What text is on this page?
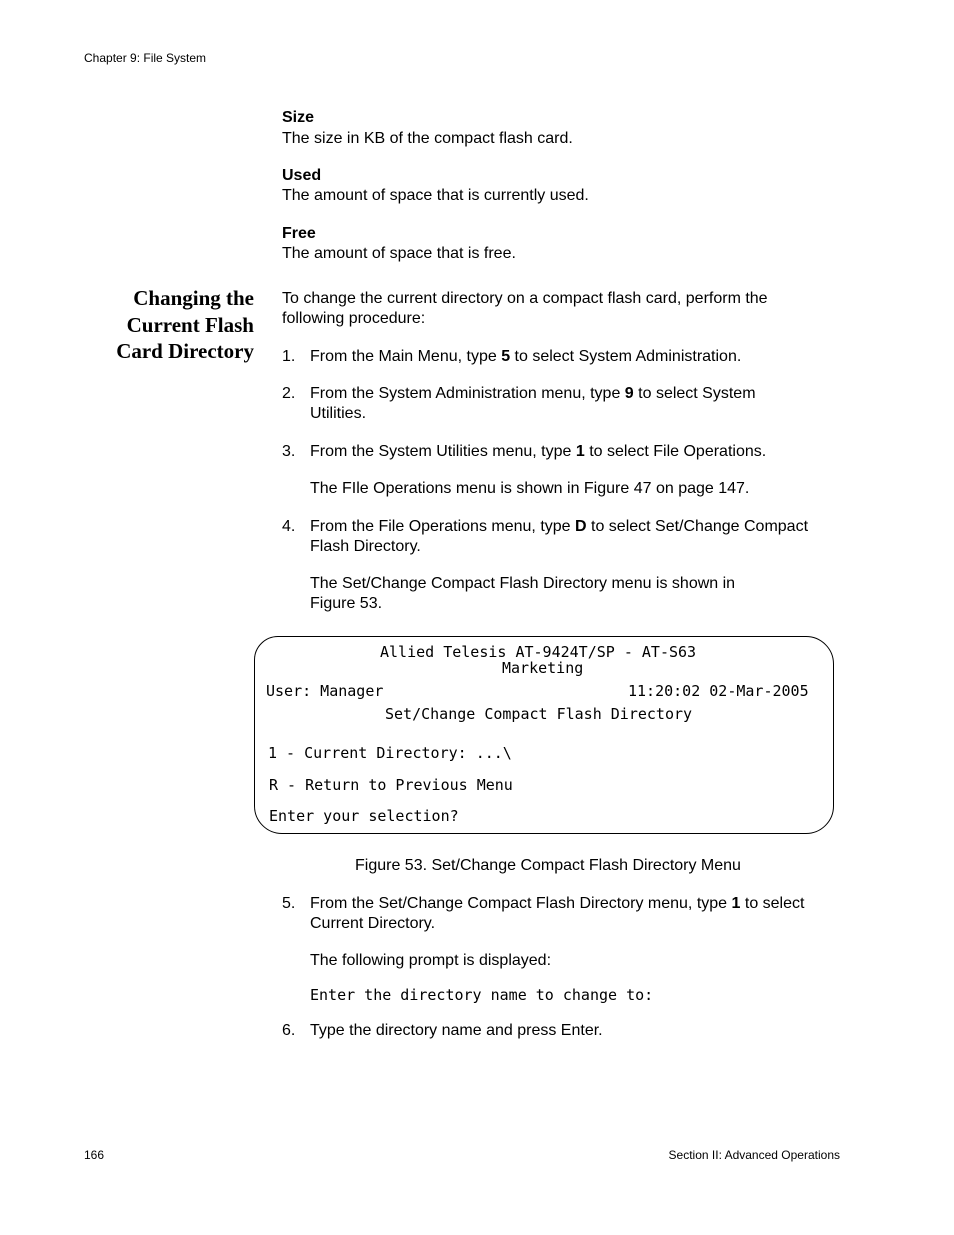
Chapter 9: File System
Size
The size in KB of the compact flash card.
Used
The amount of space that is currently used.
Free
The amount of space that is free.
Changing the
Current Flash
Card Directory
To change the current directory on a compact flash card, perform the
following procedure:
1. From the Main Menu, type 5 to select System Administration.
2. From the System Administration menu, type 9 to select System
Utilities.
3. From the System Utilities menu, type 1 to select File Operations.
The FIle Operations menu is shown in Figure 47 on page 147.
4. From the File Operations menu, type D to select Set/Change Compact
Flash Directory.
The Set/Change Compact Flash Directory menu is shown in
Figure 53.
Allied Telesis AT-9424T/SP - AT-S63
Marketing
User: Manager	11:20:02 02-Mar-2005
Set/Change Compact Flash Directory
1 - Current Directory: ...\
R - Return to Previous Menu
Enter your selection?
Figure 53. Set/Change Compact Flash Directory Menu
5. From the Set/Change Compact Flash Directory menu, type 1 to select
Current Directory.
The following prompt is displayed:
Enter the directory name to change to:
6. Type the directory name and press Enter.
166	Section II: Advanced Operations
